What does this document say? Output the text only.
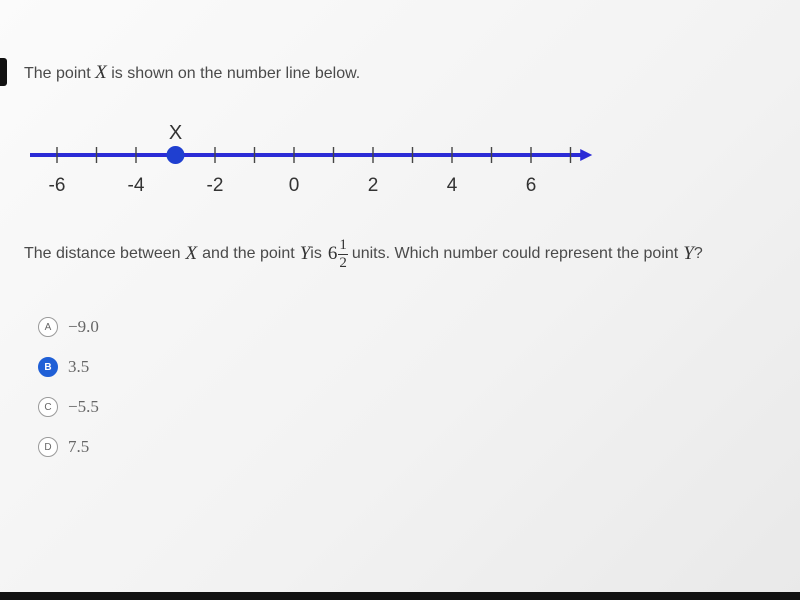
The point X is shown on the number line below.
-6	-4	-2	0	2	4	6
X
The distance between X and the point Y is $6 \frac{1}{2}$ units. Which number could represent the point Y ?
A −9.0
B 3.5
C −5.5
D 7.5
